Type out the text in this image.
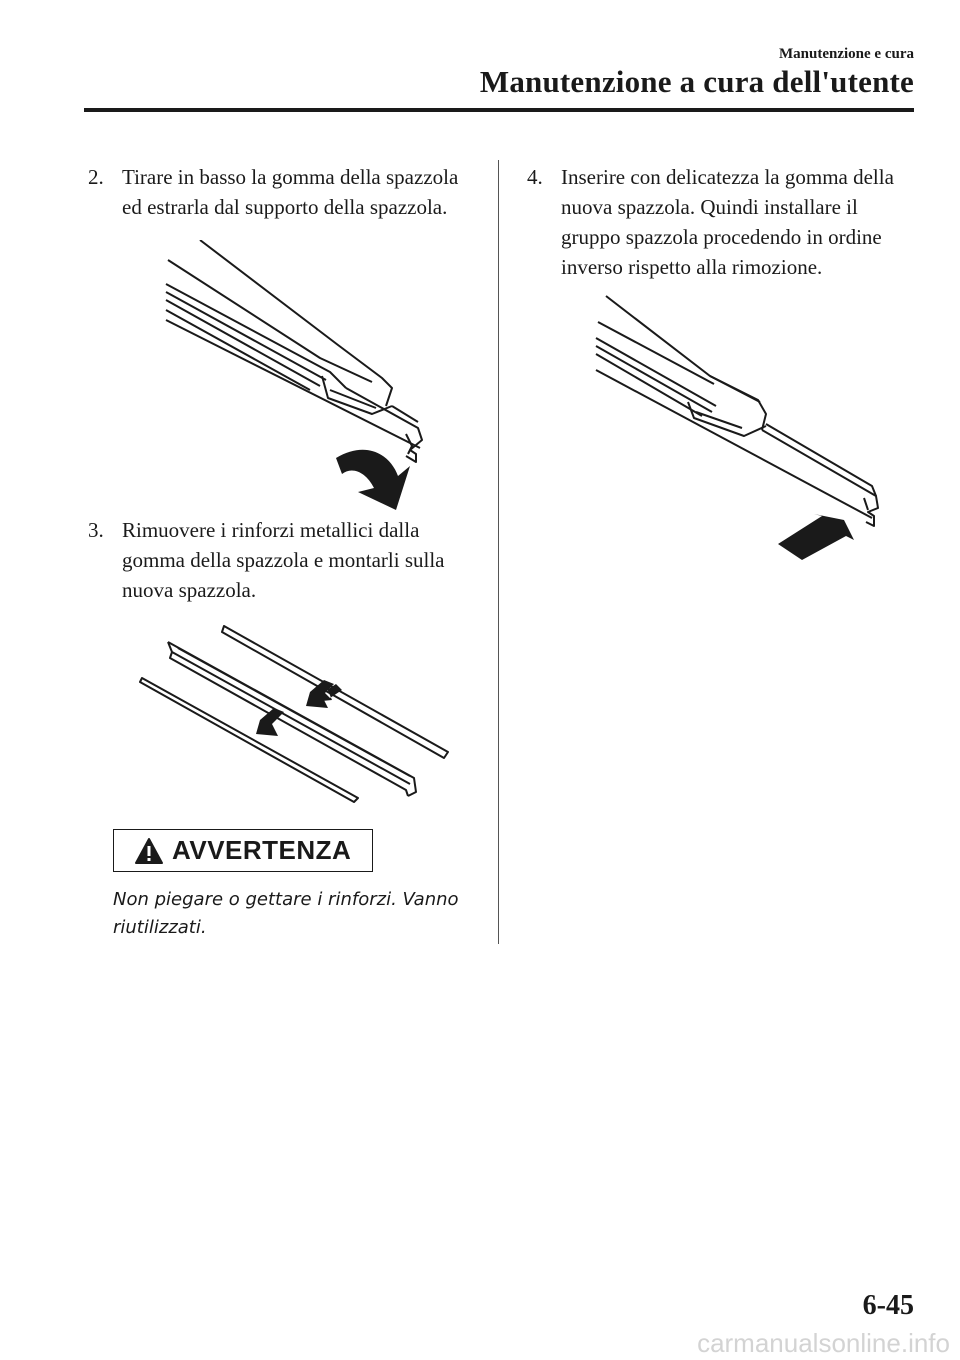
Manutenzione e cura
Manutenzione a cura dell'utente
2. Tirare in basso la gomma della spazzola ed estrarla dal supporto della spazzola.
3. Rimuovere i rinforzi metallici dalla gomma della spazzola e montarli sulla nuova spazzola.
AVVERTENZA
Non piegare o gettare i rinforzi. Vanno riutilizzati.
4. Inserire con delicatezza la gomma della nuova spazzola. Quindi installare il gruppo spazzola procedendo in ordine inverso rispetto alla rimozione.
6-45
carmanualsonline.info
